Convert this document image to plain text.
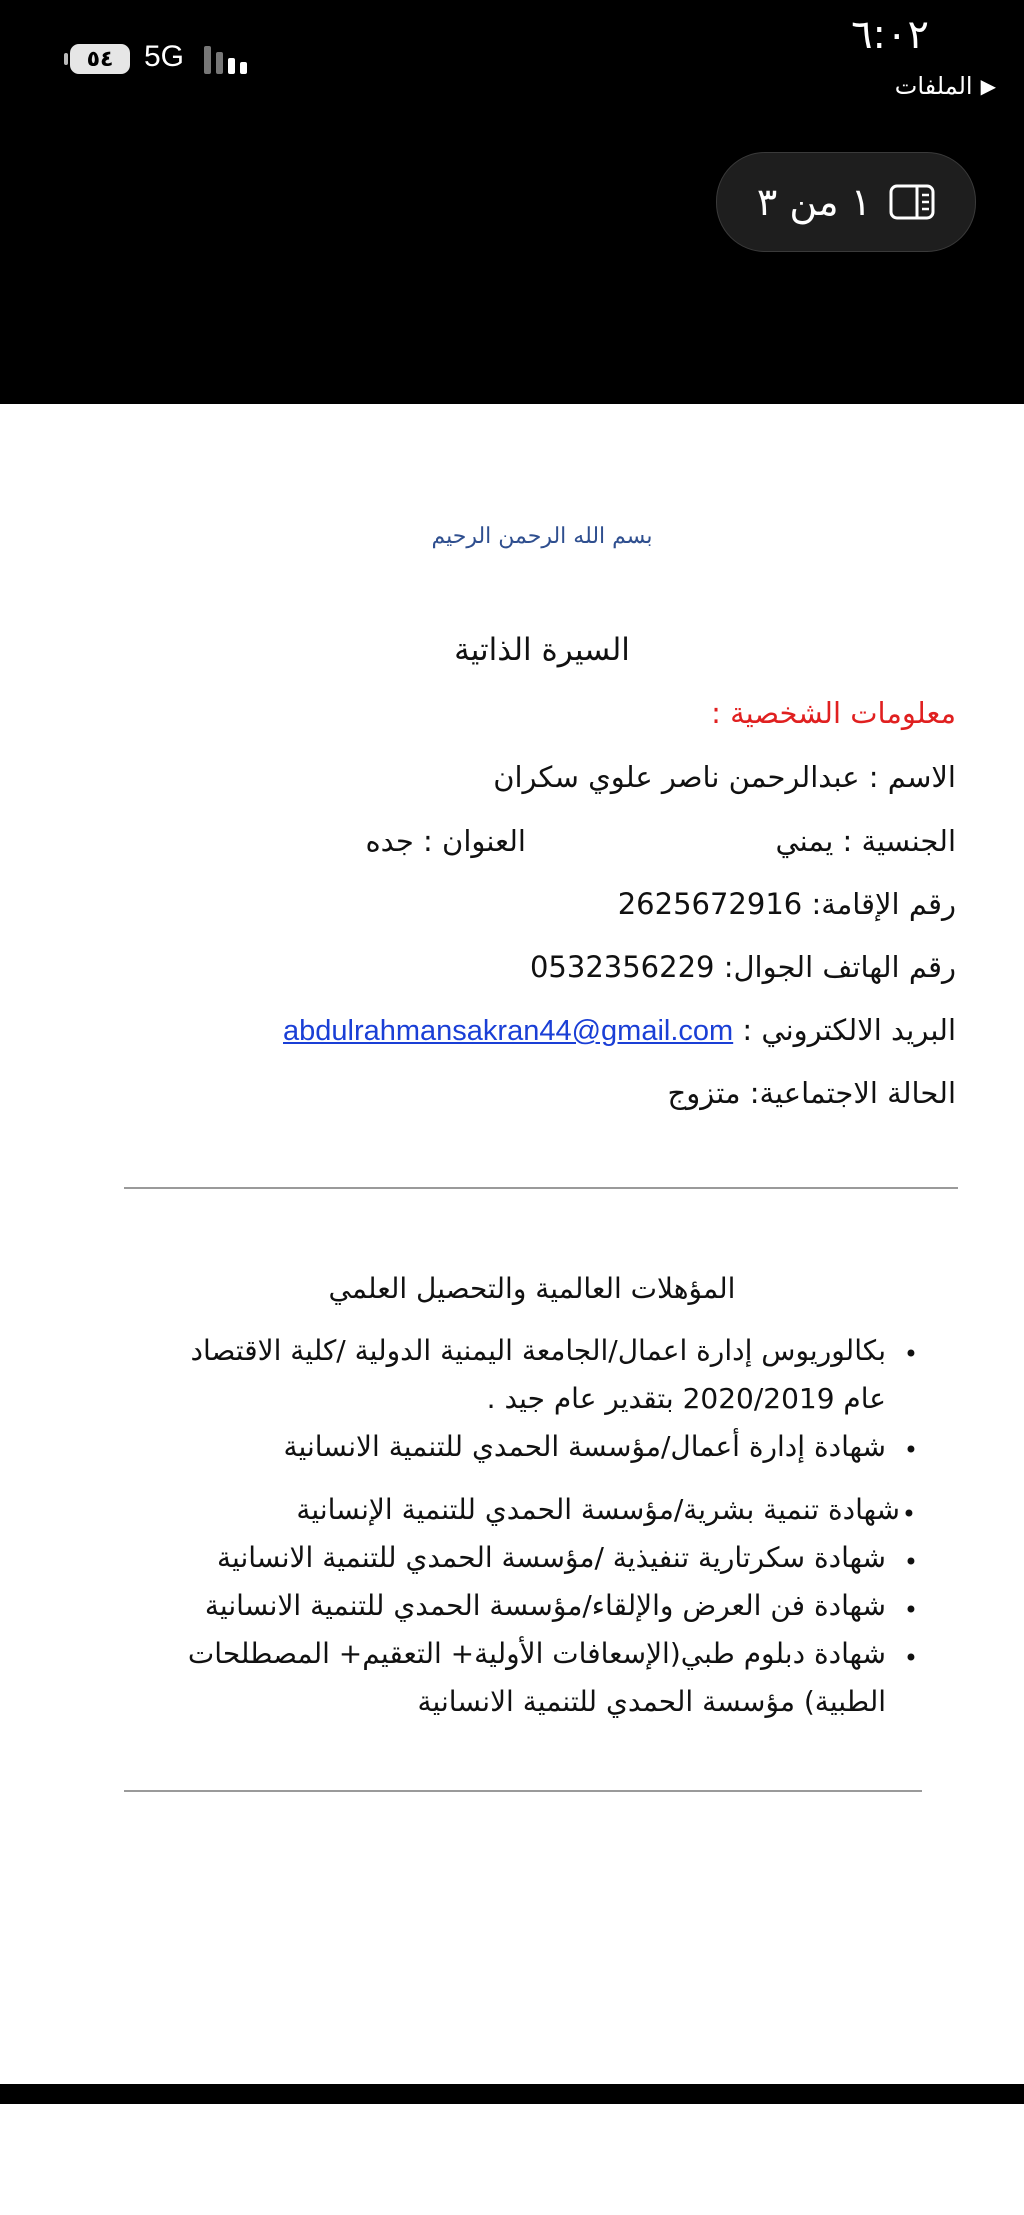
٦:٠٢
▶
الملفات
٥٤	5G
١ من ٣
بسم الله الرحمن الرحيم
السيرة الذاتية
معلومات الشخصية :
الاسم : عبدالرحمن ناصر علوي سكران
الجنسية : يمني
العنوان : جده
رقم الإقامة: 2625672916
رقم الهاتف الجوال: 0532356229
البريد الالكتروني : abdulrahmansakran44@gmail.com
الحالة الاجتماعية: متزوج
المؤهلات العالمية والتحصيل العلمي
•
بكالوريوس إدارة اعمال/الجامعة اليمنية الدولية /كلية الاقتصاد
عام 2020/2019 بتقدير عام جيد .
•
شهادة إدارة أعمال/مؤسسة الحمدي للتنمية الانسانية
•
شهادة تنمية بشرية/مؤسسة الحمدي للتنمية الإنسانية
•
شهادة سكرتارية تنفيذية /مؤسسة الحمدي للتنمية الانسانية
•
شهادة فن العرض والإلقاء/مؤسسة الحمدي للتنمية الانسانية
•
شهادة دبلوم طبي(الإسعافات الأولية+ التعقيم+ المصطلحات
الطبية) مؤسسة الحمدي للتنمية الانسانية
